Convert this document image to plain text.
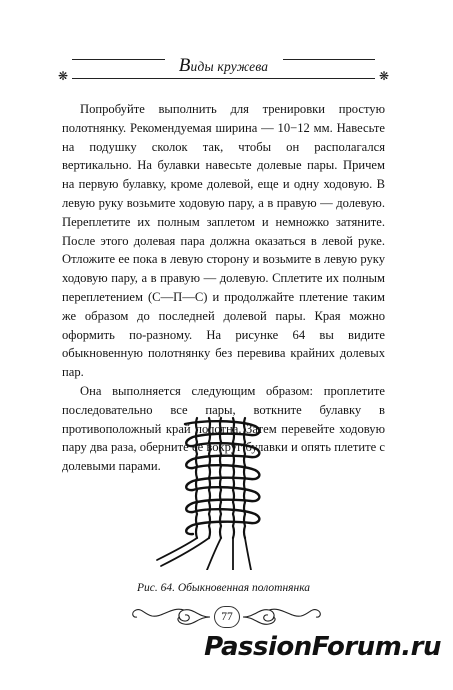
❋	Виды кружева
❋

Попробуйте выполнить для тренировки простую полотнянку. Рекомендуемая ширина — 10−12 мм. Навесьте на подушку сколок так, чтобы он располагался вертикально. На булавки навесьте долевые пары. Причем на первую булавку, кроме долевой, еще и одну ходовую. В левую руку возьмите ходовую пару, а в правую — долевую. Переплетите их полным заплетом и немножко затяните. После этого долевая пара должна оказаться в левой руке. Отложите ее пока в левую сторону и возьмите в левую руку ходовую пару, а в правую — долевую. Сплетите их полным переплетением (С—П—С) и продолжайте плетение таким же образом до последней долевой пары. Края можно оформить по-разному. На рисунке 64 вы видите обыкновенную полотнянку без перевива крайних долевых пар.

Она выполняется следующим образом: проплетите последовательно все пары, воткните булавку в противоположный край полотна. Затем перевейте ходовую пару два раза, оберните ее вокруг булавки и опять плетите с долевыми парами.

Рис. 64. Обыкновенная полотнянка
77
PassionForum.ru
